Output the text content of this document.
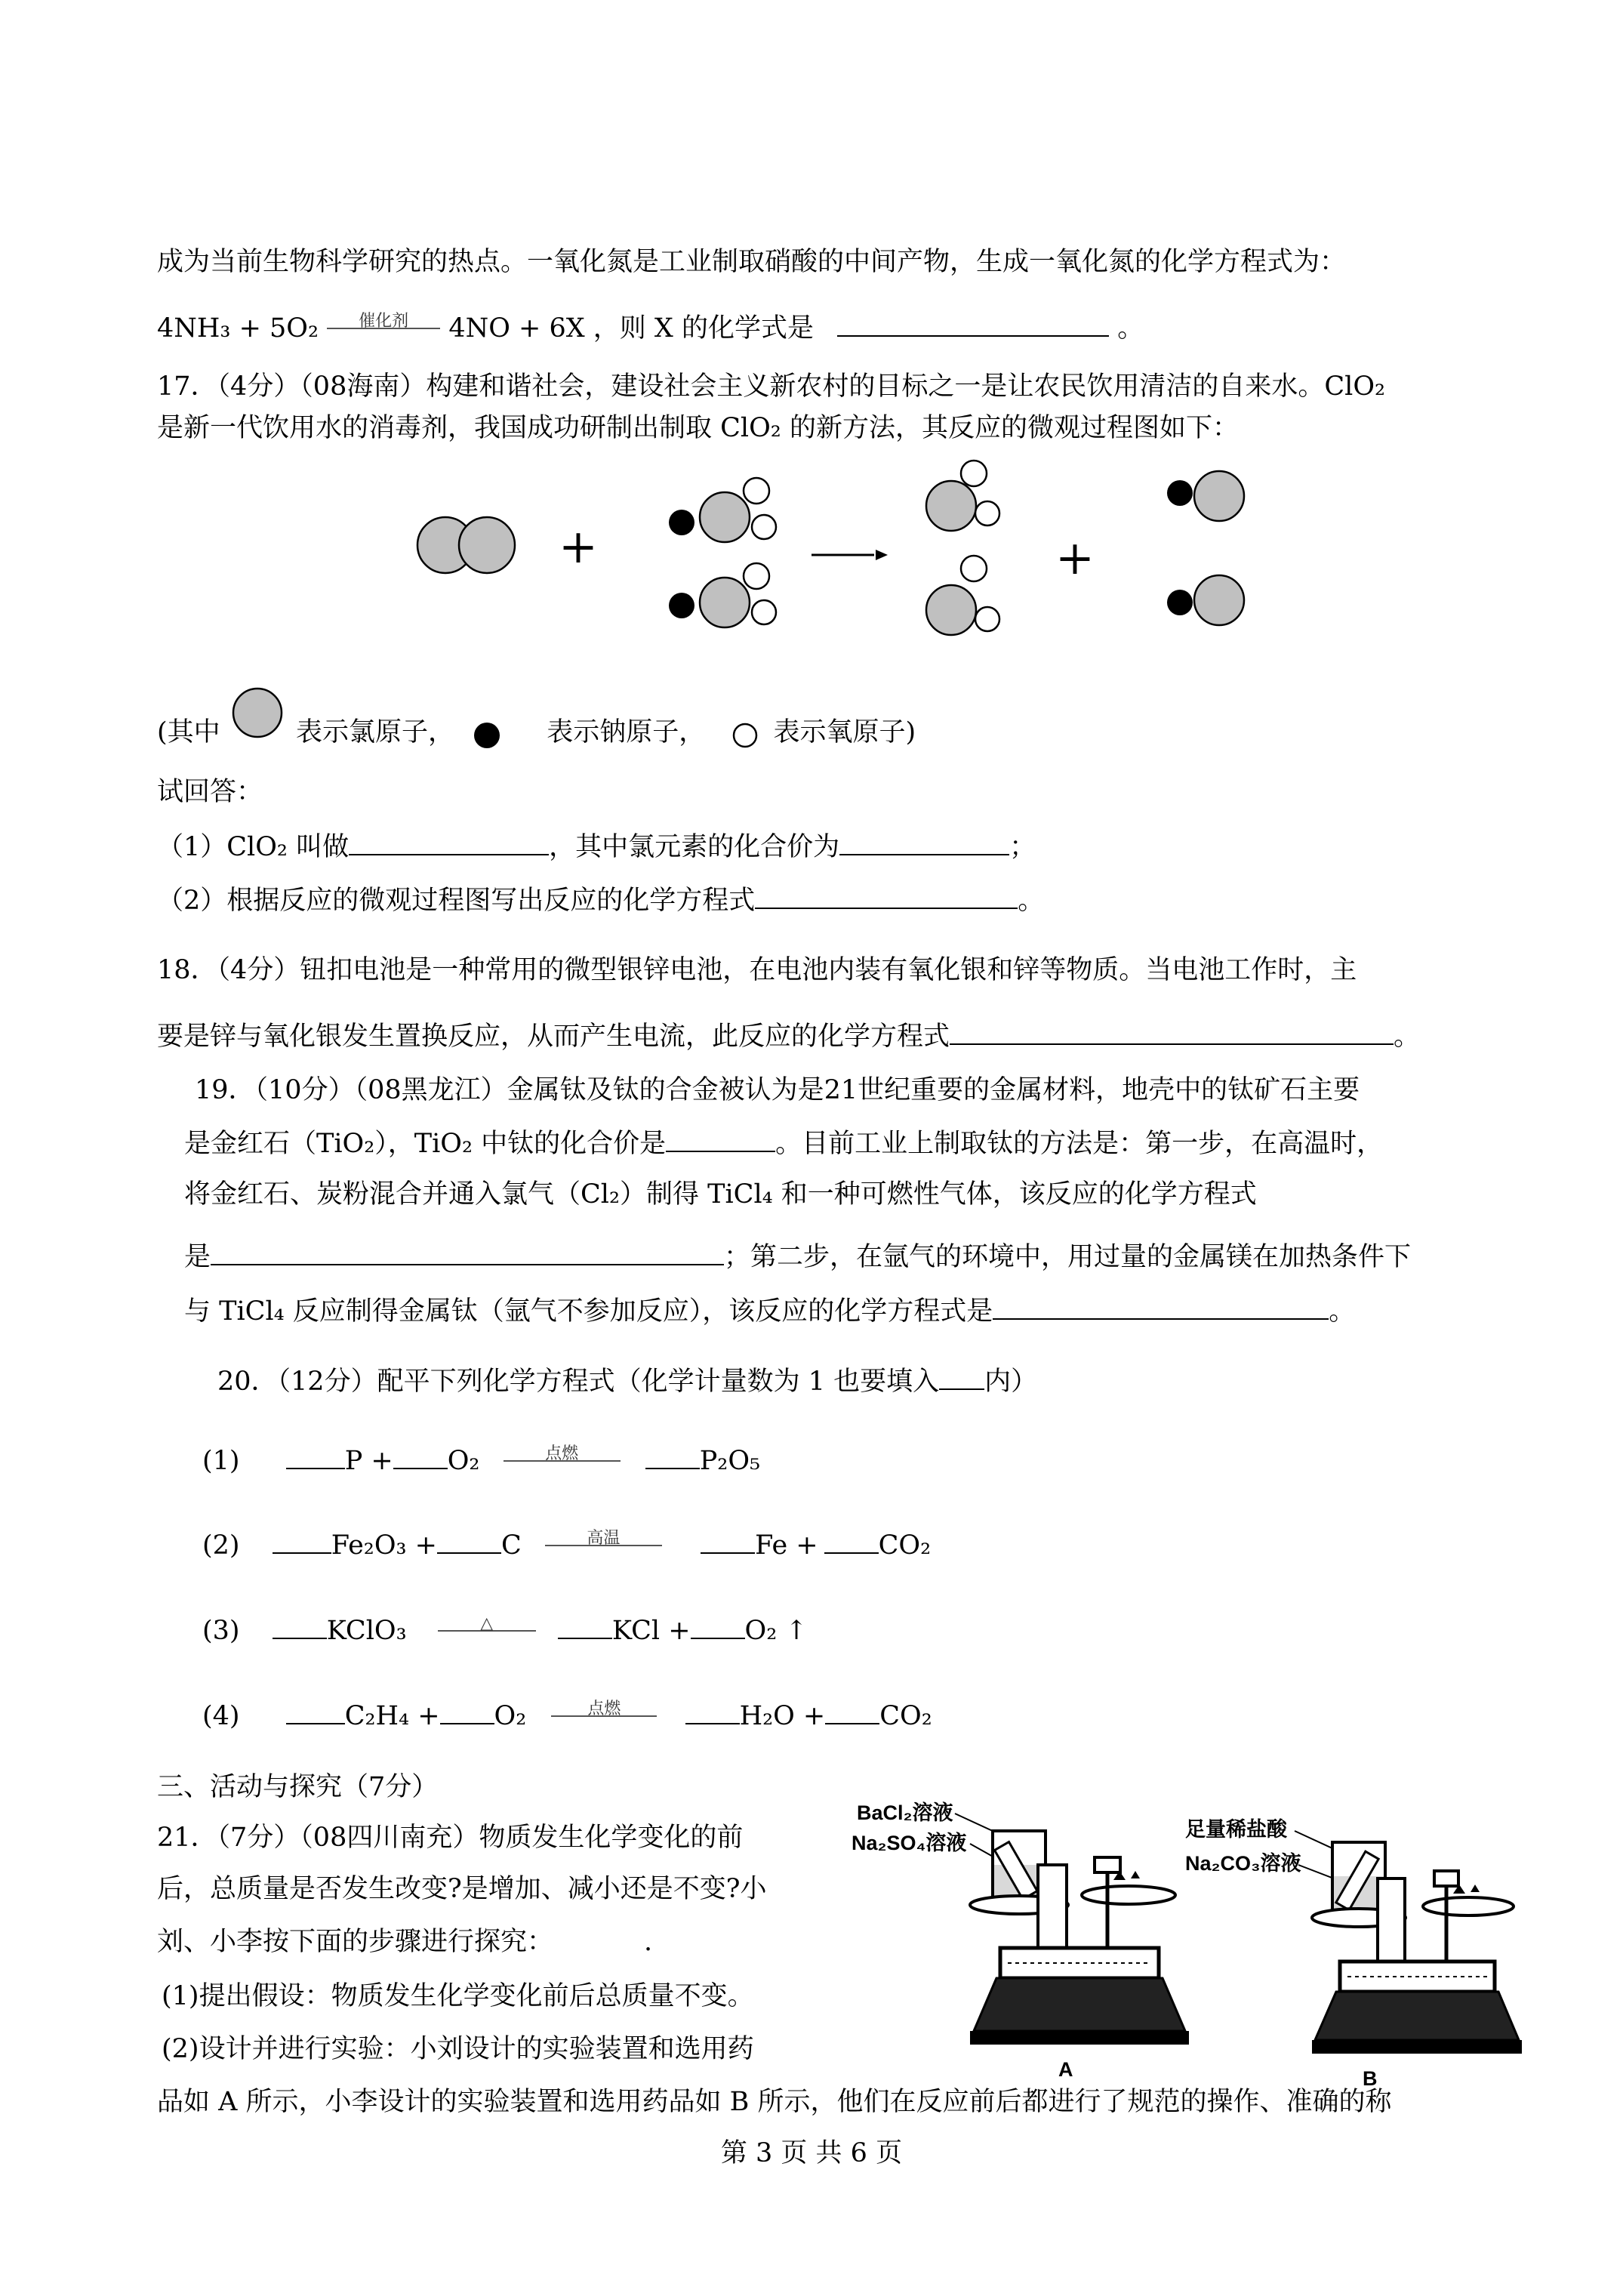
成为当前生物科学研究的热点。一氧化氮是工业制取硝酸的中间产物，生成一氧化氮的化学方程式为：
4NH₃ + 5O₂	催化剂	4NO + 6X ，则 X 的化学式是	。
17．（4分）（08海南）构建和谐社会，建设社会主义新农村的目标之一是让农民饮用清洁的自来水。ClO₂
是新一代饮用水的消毒剂，我国成功研制出制取 ClO₂ 的新方法，其反应的微观过程图如下：
+	+
(其中	表示氯原子，	表示钠原子，	表示氧原子)
试回答：
（1）ClO₂ 叫做	，其中氯元素的化合价为	；
（2）根据反应的微观过程图写出反应的化学方程式	。
18．（4分）钮扣电池是一种常用的微型银锌电池，在电池内装有氧化银和锌等物质。当电池工作时，主
要是锌与氧化银发生置换反应，从而产生电流，此反应的化学方程式	。
19．（10分）（08黑龙江）金属钛及钛的合金被认为是21世纪重要的金属材料，地壳中的钛矿石主要
是金红石（TiO₂），TiO₂ 中钛的化合价是	。目前工业上制取钛的方法是：第一步，在高温时，
将金红石、炭粉混合并通入氯气（Cl₂）制得 TiCl₄ 和一种可燃性气体，该反应的化学方程式
是	；第二步，在氩气的环境中，用过量的金属镁在加热条件下
与 TiCl₄ 反应制得金属钛（氩气不参加反应），该反应的化学方程式是	。
20．（12分）配平下列化学方程式（化学计量数为 1 也要填入 内）
(1)	P + O₂	点燃	P₂O₅
(2)	Fe₂O₃ + C	高温	Fe + CO₂
(3)	KClO₃	△	KCl + O₂ ↑
(4)	C₂H₄ + O₂	点燃	H₂O + CO₂
三、活动与探究（7分）
21．（7分）（08四川南充）物质发生化学变化的前
后，总质量是否发生改变?是增加、减小还是不变?小
刘、小李按下面的步骤进行探究：	.
(1)提出假设：物质发生化学变化前后总质量不变。
(2)设计并进行实验：小刘设计的实验装置和选用药
品如 A 所示，小李设计的实验装置和选用药品如 B 所示，他们在反应前后都进行了规范的操作、准确的称
BaCl₂溶液
Na₂SO₄溶液
A
足量稀盐酸
Na₂CO₃溶液
B
第 3 页 共 6 页
